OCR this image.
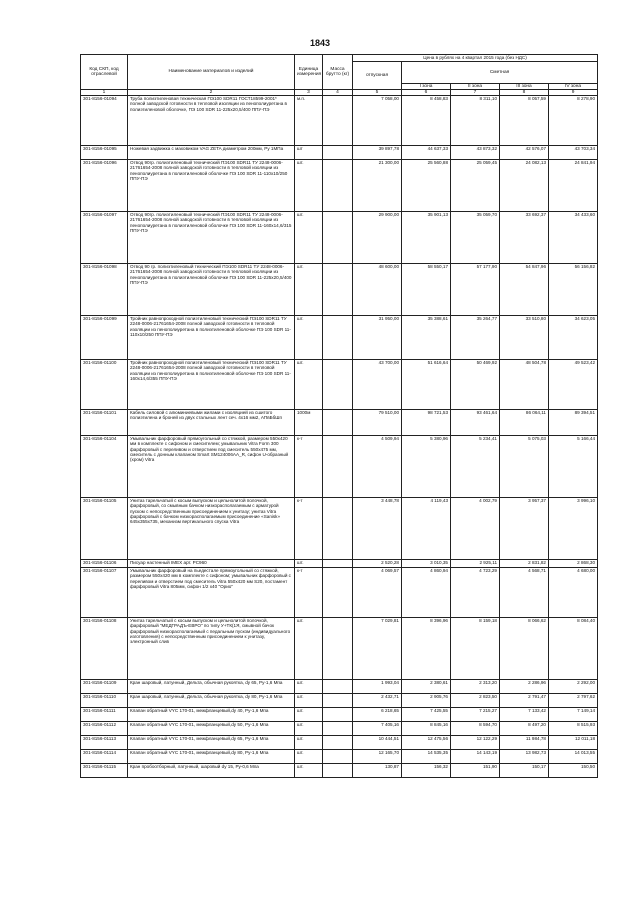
1843
Код СКП, код отраслевой	Наименование материалов и изделий	Единица измерения	Масса брутто (кг)	Цена в рублях на 4 квартал 2015 года (без НДС)				

				отпускная	Сметная			
					I зона	II зона	III зона	IV зона
1	2	3	4	5	6	7	8	9
301-8156-01094	Труба полиэтиленовая техническая ПЭ100 SDR11 ГОСТ18599-2001* полной заводской готовности в тепловой изоляции из пенополиуретана в полиэтиленовой оболочке, ПЭ 100 SDR 11-225х20,5/400 ППУ-ПЭ	м.п.		7 058,00	8 458,83	8 311,10	8 057,59	8 278,90
301-8156-01095	Ножевая задвижка с маховиком VAG ZETA диаметром 200мм, Ру 1МПа	шт		39 897,78	44 637,33	43 873,32	42 576,07	43 703,34
301-8156-01096	Отвод 90гр. полиэтиленовый технический ПЭ100 SDR11 ТУ 2248-0006-21761654-2008 полной заводской готовности в тепловой изоляции из пенополиуретана в полиэтиленовой оболочке ПЭ 100 SDR 11-110х10/250 ППУ-ПЭ	шт.		21 300,00	25 560,88	25 059,45	24 082,13	24 841,94
301-8156-01097	Отвод 90гр. полиэтиленовый технический ПЭ100 SDR11 ТУ 2248-0006-21761654-2008 полной заводской готовности в тепловой изоляции из пенополиуретана в полиэтиленовой оболочке ПЭ 100 SDR 11-160х14,6/315 ППУ-ПЭ	шт.		29 900,00	35 901,13	35 059,70	33 692,37	34 433,60
301-8156-01098	Отвод 90 гр. полиэтиленовый технический ПЭ100 SDR11 ТУ 2248-0006-21761654-2008 полной заводской готовности в тепловой изоляции из пенополиуретана в полиэтиленовой оболочке ПЭ 100 SDR 11-225х20,5/400 ППУ-ПЭ	шт.		48 600,00	58 550,17	57 177,90	54 847,96	56 156,82
301-8156-01099	Тройник равнопроходной полиэтиленовый технический ПЭ100 SDR11 ТУ 2248-0006-21761654-2008 полной заводской готовности в тепловой изоляции из пенополиуретана в полиэтиленовой оболочке ПЭ 100 SDR 11-110х10/250 ППУ-ПЭ	шт.		31 950,00	35 388,61	35 264,77	33 510,80	34 623,05
301-8156-01100	Тройник равнопроходной полиэтиленовый технический ПЭ100 SDR11 ТУ 2248-0006-21761654-2008 полной заводской готовности в тепловой изоляции из пенополиуретана в полиэтиленовой оболочке ПЭ 100 SDR 11-160х14,6/355 ППУ-ПЭ	шт.		43 700,00	51 616,64	50 469,92	48 504,78	49 523,42
301-8156-01101	Кабель силовой с алюминиевыми жилами с изоляцией из сшитого полиэтилена и броней из двух стальных лент сеч. 4х16 мм2, АПвБбШп	1000м		79 510,00	98 721,53	93 461,64	86 064,11	89 394,51
301-8156-01104	Умывальник фарфоровый прямоугольный со стяжкой, размером 550х420 мм в комплекте с сифоном и смесителем; умывальник Vitra Form 300 фарфоровый с переливом и отверстием под смеситель 550х475 мм, смеситель с донным клапаном Smart SM124006AA_R, сифон U-образный (хром) Vitra	к-т		4 509,94	5 380,96	5 234,41	5 075,03	5 166,44
301-8156-01105	Унитаз тарельчатый с косым выпуском и цельнолитой полочкой, фарфоровый, со смывным бачком низкорасполагаемым с арматурой пуском с непосредственным присоединением к унитазу; унитаз Vitra фарфоровый с бачком низкорасполагаемым присоединение «Sanisk» 645х355х735, механизм вертикального спуска Vitra	к-т		3 448,78	4 119,43	4 002,79	3 957,37	3 996,10
301-8156-01106	Писуар настенный IMEX арт. PC960	шт.		2 520,28	3 010,35	2 925,11	2 831,82	2 868,30
301-8156-01107	Умывальник фарфоровый на пьедестале прямоугольный со стяжкой, размером 550х420 мм в комплекте с сифоном; умывальник фарфоровый с переливом и отверстием под смеситель Vitra 550х420 мм S20, постамент фарфоровый Vitra 805мм, сифон 1/2 х40 "Орио"	к-т		4 069,57	4 860,94	4 723,29	4 568,71	4 680,00
301-8156-01108	Унитаз тарельчатый с косым выпуском и цельнолитой полочкой, фарфоровый "МЕДГРАДЪ-ЕВРО" по типу У+ТК(1Я, смывной бачок фарфоровый низкорасполагаемый с педальным пуском (индивидуального изготовления) с непосредственным присоединением к унитазу, электронный слив	шт.		7 029,81	8 396,96	8 159,18	8 066,62	8 084,40
301-8156-01109	Кран шаровый, латунный, Дельта, обычная рукоятка, dy 65, Ру-1,6 Мпа	шт.		1 993,04	2 380,61	2 313,20	2 286,96	2 292,00
301-8156-01110	Кран шаровый, латунный, Дельта, обычная рукоятка, dy 80, Ру-1,6 Мпа	шт.		2 432,71	2 905,76	2 823,50	2 791,47	2 797,62
301-8156-01111	Клапан обратный VYC 170-01, межфланцевый,dy 40, Ру-1,6 Мпа	шт.		6 218,65	7 425,55	7 215,27	7 133,42	7 149,14
301-8156-01112	Клапан обратный VYC 170-01, межфланцевый,dy 50, Ру-1,6 Мпа	шт.		7 405,16	8 845,16	8 594,70	8 497,20	8 515,93
301-8156-01113	Клапан обратный VYC 170-01, межфланцевый,dy 65, Ру-1,6 Мпа	шт.		10 444,51	12 475,56	12 122,29	11 984,78	12 011,18
301-8156-01114	Клапан обратный VYC 170-01, межфланцевый,dy 80, Ру-1,6 Мпа	шт.		12 165,70	14 535,35	14 143,19	13 982,73	14 013,55
301-8156-01115	Кран пробоотборный, латунный, шаровый dy 15, Ру-0,6 Мпа	шт.		130,87	156,32	151,90	150,17	150,50
